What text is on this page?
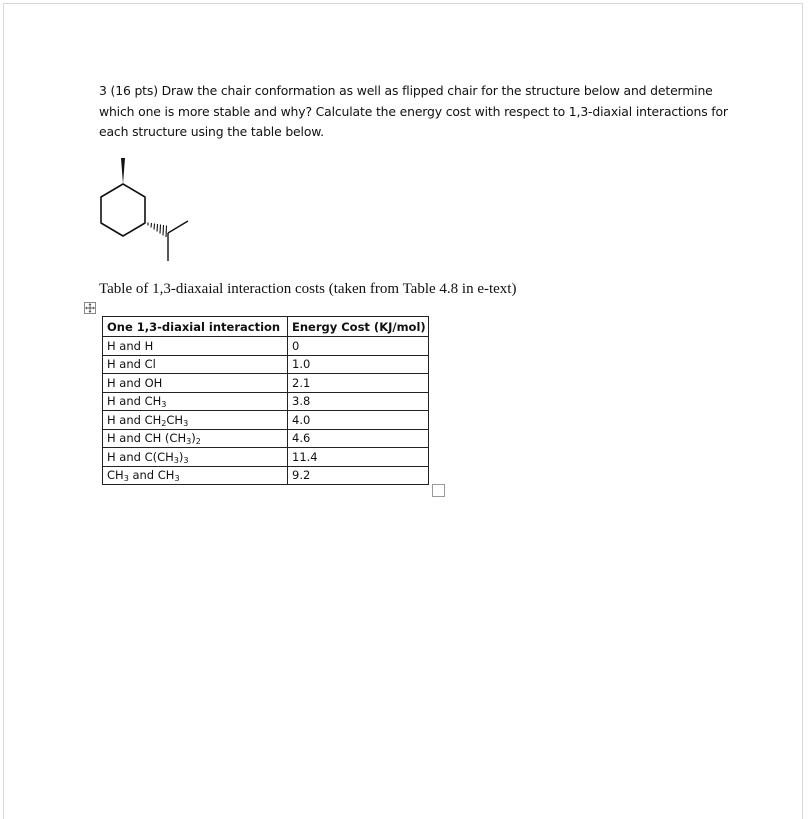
3 (16 pts) Draw the chair conformation as well as flipped chair for the structure below and determine which one is more stable and why? Calculate the energy cost with respect to 1,3-diaxial interactions for each structure using the table below.

Table of 1,3-diaxaial interaction costs (taken from Table 4.8 in e-text)
One 1,3-diaxial interaction	Energy Cost (KJ/mol)
H and H	0
H and Cl	1.0
H and OH	2.1
H and $CH_3$	3.8
H and $CH_2CH_3$	4.0
H and CH $(CH_3)_2$	4.6
H and $C(CH_3)_3$	11.4
$CH_3$ and $CH_3$	9.2
